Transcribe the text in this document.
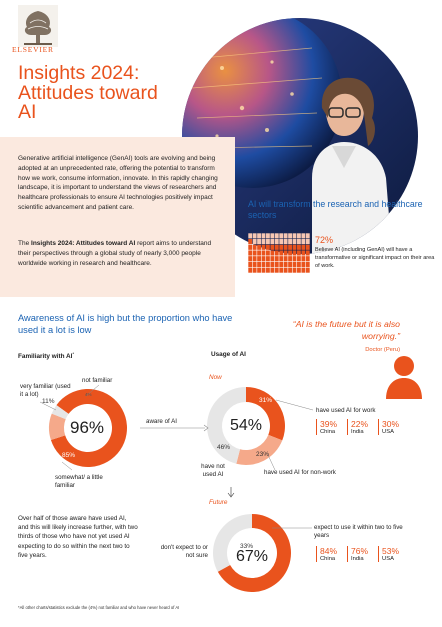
ELSEVIER
Insights 2024: Attitudes toward AI
Generative artificial intelligence (GenAI) tools are evolving and being adopted at an unprecedented rate, offering the potential to transform how we work, consume information, innovate. In this rapidly changing landscape, it is important to understand the views of researchers and healthcare professionals to ensure AI technologies positively impact scientific advancement and patient care.
The Insights 2024: Attitudes toward AI report aims to understand their perspectives through a global study of nearly 3,000 people worldwide working in research and healthcare.
AI will transform the research and healthcare sectors
72%
Believe AI (including GenAI) will have a transformative or significant impact on their area of work.
Awareness of AI is high but the proportion who have used it a lot is low
“AI is the future but it is also worrying.”
Doctor (Peru)
Familiarity with AI*	Usage of AI
Now
Future
very familiar (used it a lot)
not familiar
somewhat/ a little familiar
11%
4%
85%
96%	aware of AI	54%
31%
23%
46%
have not used AI
have used AI for work
have used AI for non-work
39%
China
22%
India
30%
USA
67%
33%
don't expect to or not sure
expect to use it within two to five years
84%
China
76%
India
53%
USA
Over half of those aware have used AI, and this will likely increase further, with two thirds of those who have not yet used AI expecting to do so within the next two to five years.
*All other charts/statistics exclude the (4%) not familiar and who have never heard of AI
